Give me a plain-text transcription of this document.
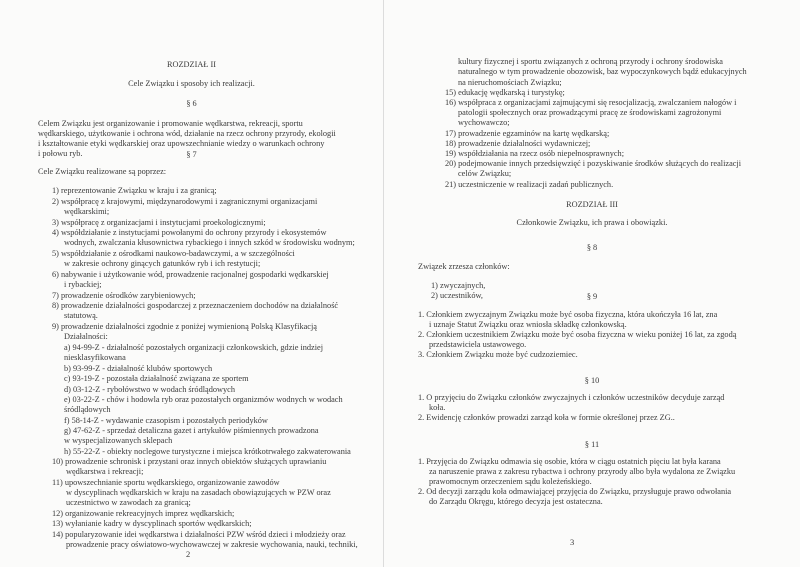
ROZDZIAŁ II
Cele Związku i sposoby ich realizacji.
§ 6
Celem Związku jest organizowanie i promowanie wędkarstwa, rekreacji, sportu
wędkarskiego, użytkowanie i ochrona wód, działanie na rzecz ochrony przyrody, ekologii
i kształtowanie etyki wędkarskiej oraz upowszechnianie wiedzy o warunkach ochrony
i połowu ryb.	§ 7
Cele Związku realizowane są poprzez:
1) reprezentowanie Związku w kraju i za granicą;
2) współpracę z krajowymi, międzynarodowymi i zagranicznymi organizacjami
wędkarskimi;
3) współpracę z organizacjami i instytucjami proekologicznymi;
4) współdziałanie z instytucjami powołanymi do ochrony przyrody i ekosystemów
wodnych, zwalczania kłusownictwa rybackiego i innych szkód w środowisku wodnym;
5) współdziałanie z ośrodkami naukowo-badawczymi, a w szczególności
w zakresie ochrony ginących gatunków ryb i ich restytucji;
6) nabywanie i użytkowanie wód, prowadzenie racjonalnej gospodarki wędkarskiej
i rybackiej;
7) prowadzenie ośrodków zarybieniowych;
8) prowadzenie działalności gospodarczej z przeznaczeniem dochodów na działalność
statutową.
9) prowadzenie działalności zgodnie z poniżej wymienioną Polską Klasyfikacją
Działalności:
a) 94-99-Z - działalność pozostałych organizacji członkowskich, gdzie indziej
niesklasyfikowana
b) 93-99-Z - działalność klubów sportowych
c) 93-19-Z - pozostała działalność związana ze sportem
d) 03-12-Z - rybołówstwo w wodach śródlądowych
e) 03-22-Z - chów i hodowla ryb oraz pozostałych organizmów wodnych w wodach
śródlądowych
f) 58-14-Z - wydawanie czasopism i pozostałych periodyków
g) 47-62-Z - sprzedaż detaliczna gazet i artykułów piśmiennych prowadzona
w wyspecjalizowanych sklepach
h) 55-22-Z - obiekty noclegowe turystyczne i miejsca krótkotrwałego zakwaterowania
10) prowadzenie schronisk i przystani oraz innych obiektów służących uprawianiu
wędkarstwa i rekreacji;
11) upowszechnianie sportu wędkarskiego, organizowanie zawodów
w dyscyplinach wędkarskich w kraju na zasadach obowiązujących w PZW oraz
uczestnictwo w zawodach za granicą;
12) organizowanie rekreacyjnych imprez wędkarskich;
13) wyłanianie kadry w dyscyplinach sportów wędkarskich;
14) popularyzowanie idei wędkarstwa i działalności PZW wśród dzieci i młodzieży oraz
prowadzenie pracy oświatowo-wychowawczej w zakresie wychowania, nauki, techniki,
2
kultury fizycznej i sportu związanych z ochroną przyrody i ochrony środowiska
naturalnego w tym prowadzenie obozowisk, baz wypoczynkowych bądź edukacyjnych
na nieruchomościach Związku;
15) edukację wędkarską i turystykę;
16) współpraca z organizacjami zajmującymi się resocjalizacją, zwalczaniem nałogów i
patologii społecznych oraz prowadzącymi pracę ze środowiskami zagrożonymi
wychowawczo;
17) prowadzenie egzaminów na kartę wędkarską;
18) prowadzenie działalności wydawniczej;
19) współdziałania na rzecz osób niepełnosprawnych;
20) podejmowanie innych przedsięwzięć i pozyskiwanie środków służących do realizacji
celów Związku;
21) uczestniczenie w realizacji zadań publicznych.
ROZDZIAŁ III
Członkowie Związku, ich prawa i obowiązki.
§ 8
Związek zrzesza członków:
1) zwyczajnych,
2) uczestników,	§ 9
1. Członkiem zwyczajnym Związku może być osoba fizyczna, która ukończyła 16 lat, zna
i uznaje Statut Związku oraz wniosła składkę członkowską.
2. Członkiem uczestnikiem Związku może być osoba fizyczna w wieku poniżej 16 lat, za zgodą
przedstawiciela ustawowego.
3. Członkiem Związku może być cudzoziemiec.
§ 10
1. O przyjęciu do Związku członków zwyczajnych i członków uczestników decyduje zarząd
koła.
2. Ewidencję członków prowadzi zarząd koła w formie określonej przez ZG..
§ 11
1. Przyjęcia do Związku odmawia się osobie, która w ciągu ostatnich pięciu lat była karana
za naruszenie prawa z zakresu rybactwa i ochrony przyrody albo była wydalona ze Związku
prawomocnym orzeczeniem sądu koleżeńskiego.
2. Od decyzji zarządu koła odmawiającej przyjęcia do Związku, przysługuje prawo odwołania
do Zarządu Okręgu, którego decyzja jest ostateczna.
3
